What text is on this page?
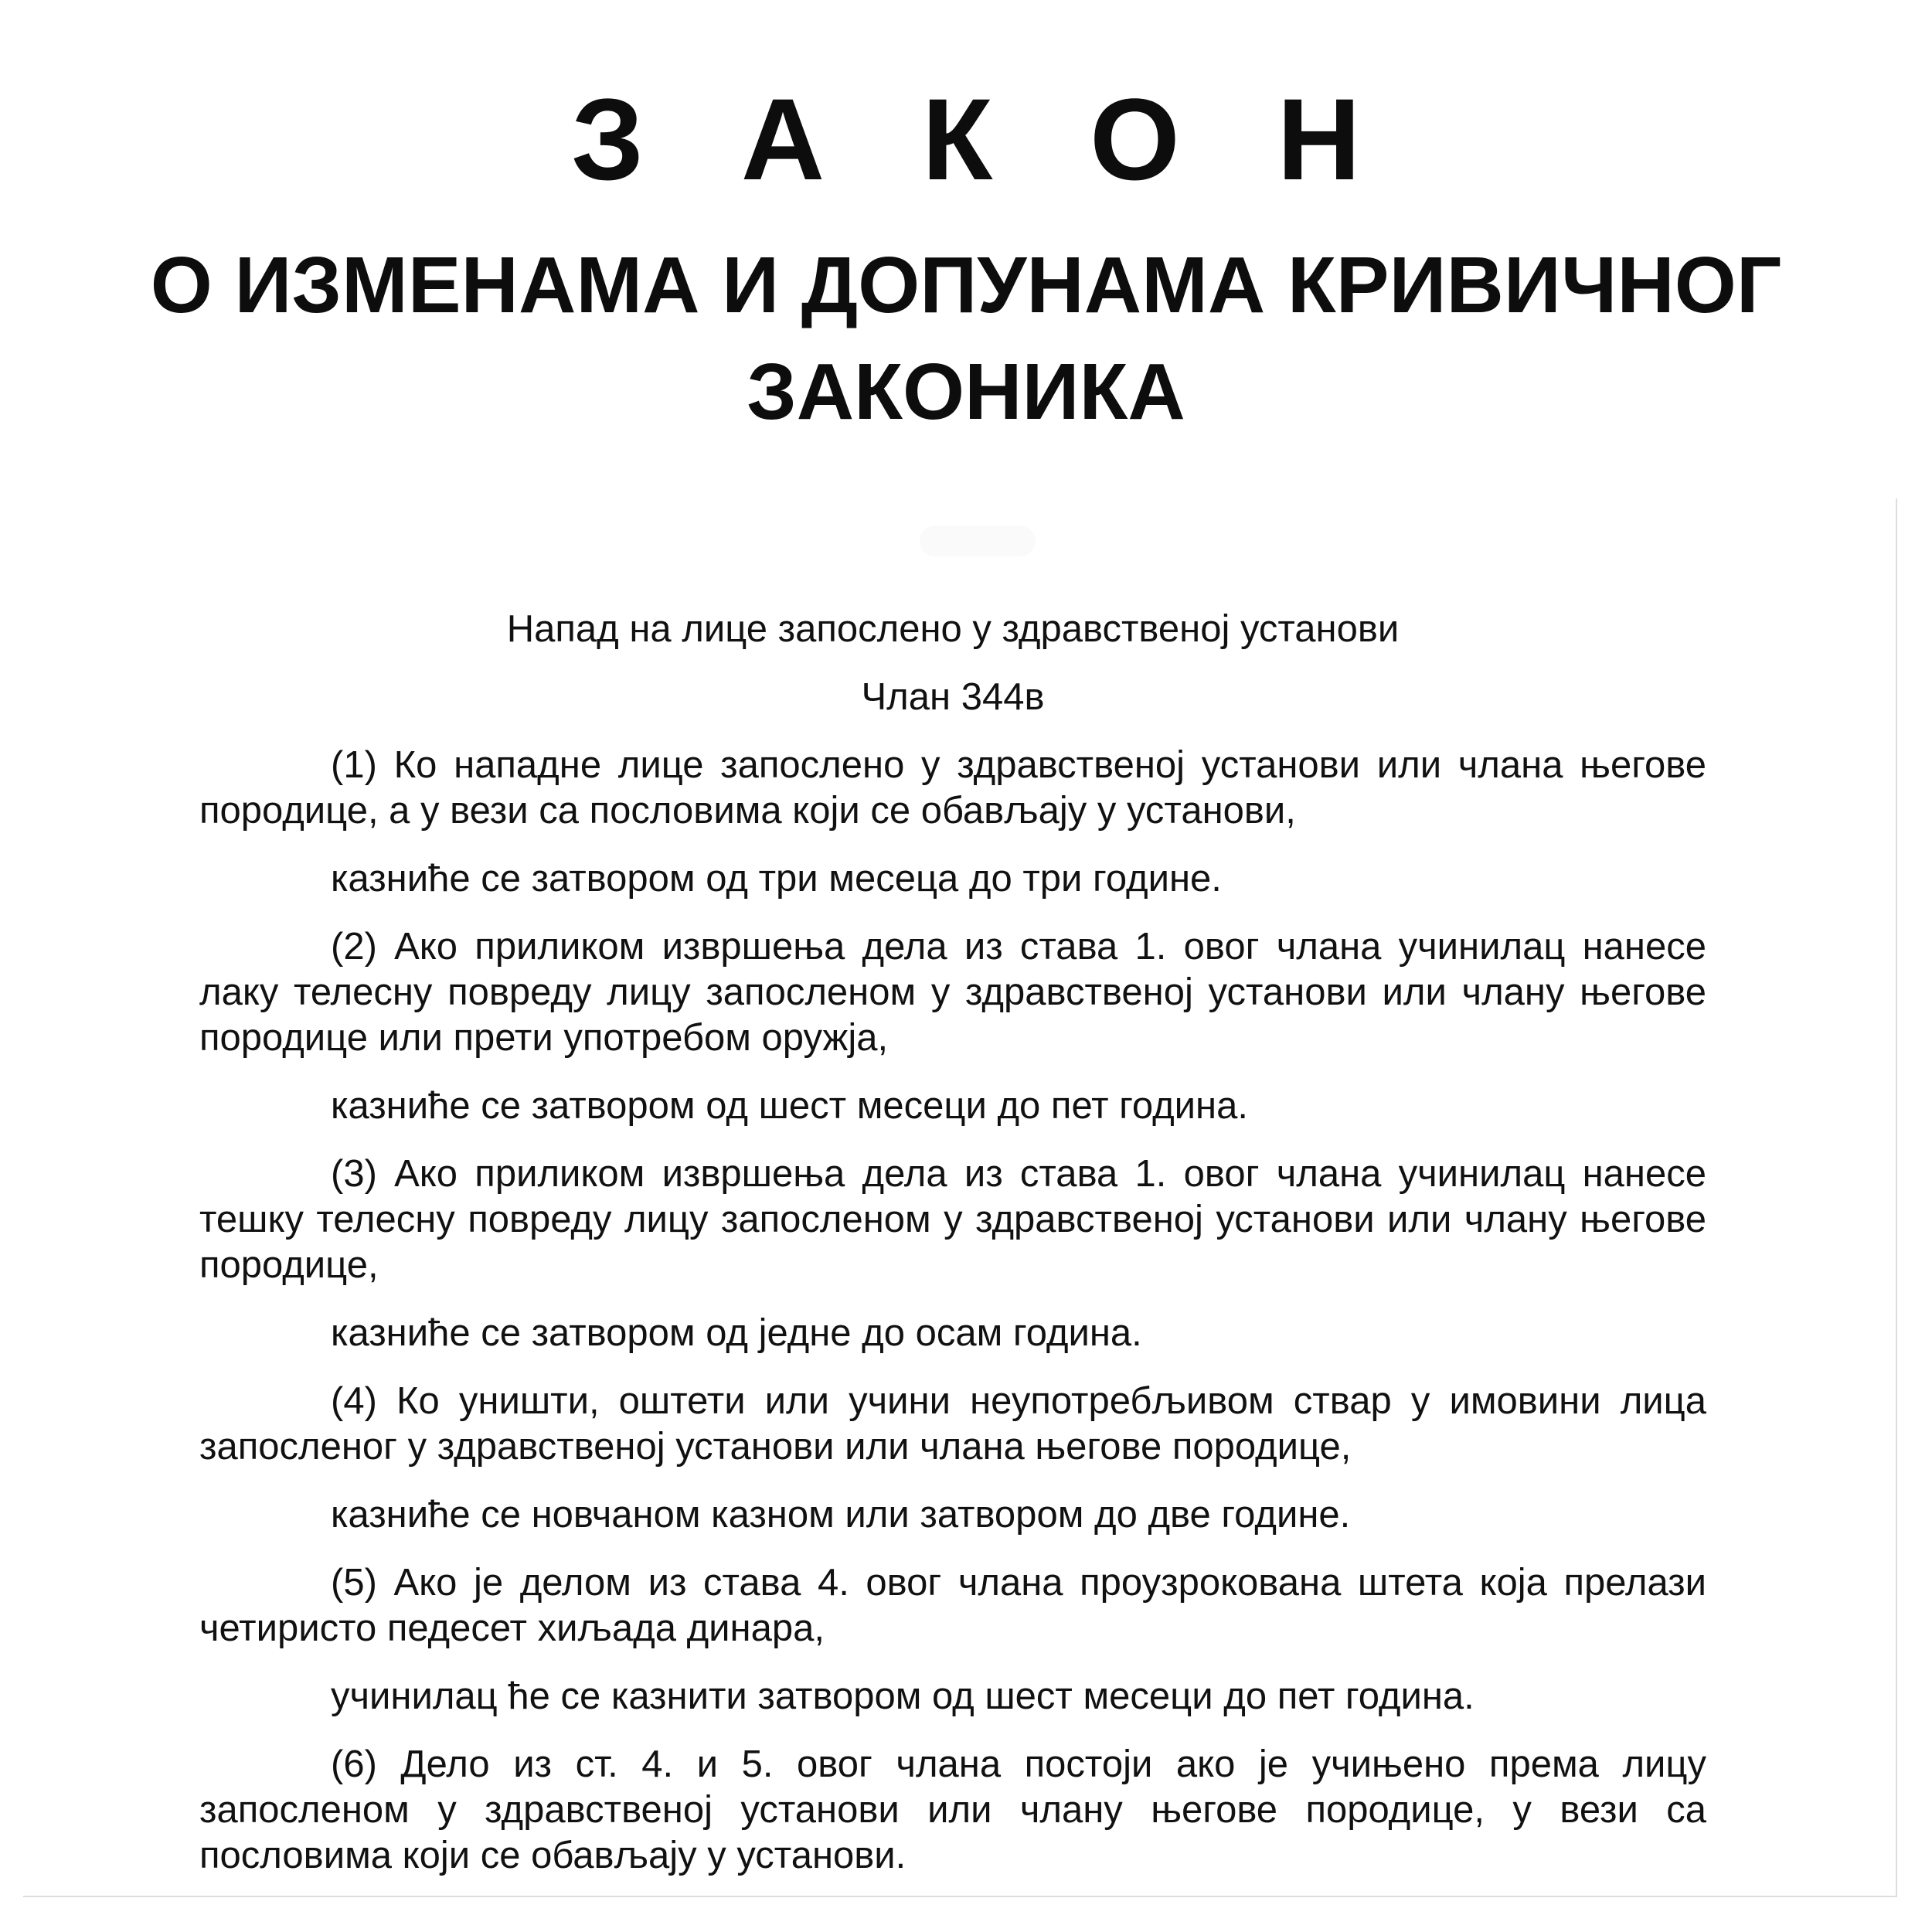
З А К О Н
О ИЗМЕНАМА И ДОПУНАМА КРИВИЧНОГ
ЗАКОНИКА

Напад на лице запослено у здравственој установи

Члан 344в

(1) Ко нападне лице запослено у здравственој установи или члана његове породице, а у вези са пословима који се обављају у установи,

казниће се затвором од три месеца до три године.

(2) Ако приликом извршења дела из става 1. овог члана учинилац нанесе лаку телесну повреду лицу запосленом у здравственој установи или члану његове породице или прети употребом оружја,

казниће се затвором од шест месеци до пет година.

(3) Ако приликом извршења дела из става 1. овог члана учинилац нанесе тешку телесну повреду лицу запосленом у здравственој установи или члану његове породице,

казниће се затвором од једне до осам година.

(4) Ко уништи, оштети или учини неупотребљивом ствар у имовини лица запосленог у здравственој установи или члана његове породице,

казниће се новчаном казном или затвором до две године.

(5) Ако је делом из става 4. овог члана проузрокована штета која прелази четиристо педесет хиљада динара,

учинилац ће се казнити затвором од шест месеци до пет година.

(6) Дело из ст. 4. и 5. овог члана постоји ако је учињено према лицу запосленом у здравственој установи или члану његове породице, у вези са пословима који се обављају у установи.
